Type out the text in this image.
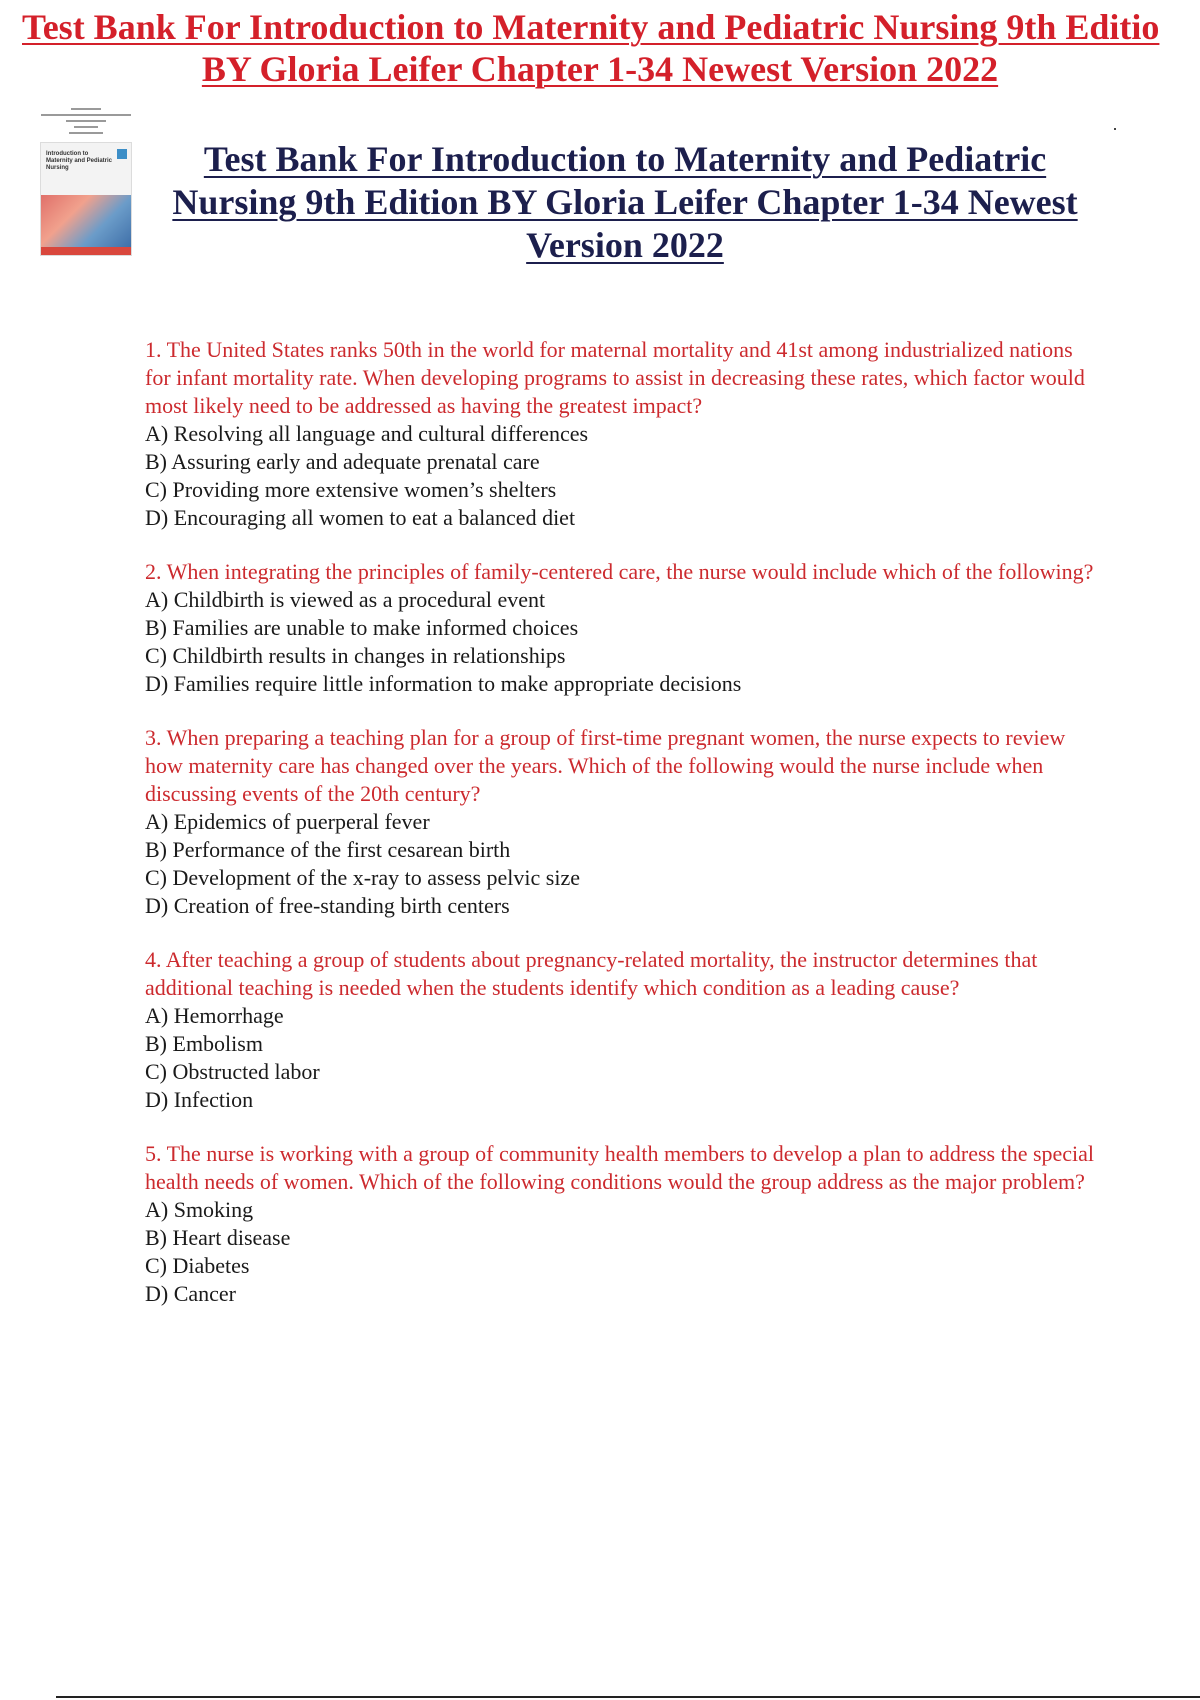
Test Bank For Introduction to Maternity and Pediatric Nursing 9th Editio
BY Gloria Leifer Chapter 1-34 Newest Version 2022
Introduction to Maternity and Pediatric Nursing	Test Bank For Introduction to Maternity and Pediatric
Nursing 9th Edition BY Gloria Leifer Chapter 1-34 Newest
Version 2022
1. The United States ranks 50th in the world for maternal mortality and 41st among industrialized nations for infant mortality rate. When developing programs to assist in decreasing these rates, which factor would most likely need to be addressed as having the greatest impact?
A) Resolving all language and cultural differences
B) Assuring early and adequate prenatal care
C) Providing more extensive women’s shelters
D) Encouraging all women to eat a balanced diet
2. When integrating the principles of family-centered care, the nurse would include which of the following?
A) Childbirth is viewed as a procedural event
B) Families are unable to make informed choices
C) Childbirth results in changes in relationships
D) Families require little information to make appropriate decisions
3. When preparing a teaching plan for a group of first-time pregnant women, the nurse expects to review how maternity care has changed over the years. Which of the following would the nurse include when discussing events of the 20th century?
A) Epidemics of puerperal fever
B) Performance of the first cesarean birth
C) Development of the x-ray to assess pelvic size
D) Creation of free-standing birth centers
4. After teaching a group of students about pregnancy-related mortality, the instructor determines that additional teaching is needed when the students identify which condition as a leading cause?
A) Hemorrhage
B) Embolism
C) Obstructed labor
D) Infection
5. The nurse is working with a group of community health members to develop a plan to address the special health needs of women. Which of the following conditions would the group address as the major problem?
A) Smoking
B) Heart disease
C) Diabetes
D) Cancer
